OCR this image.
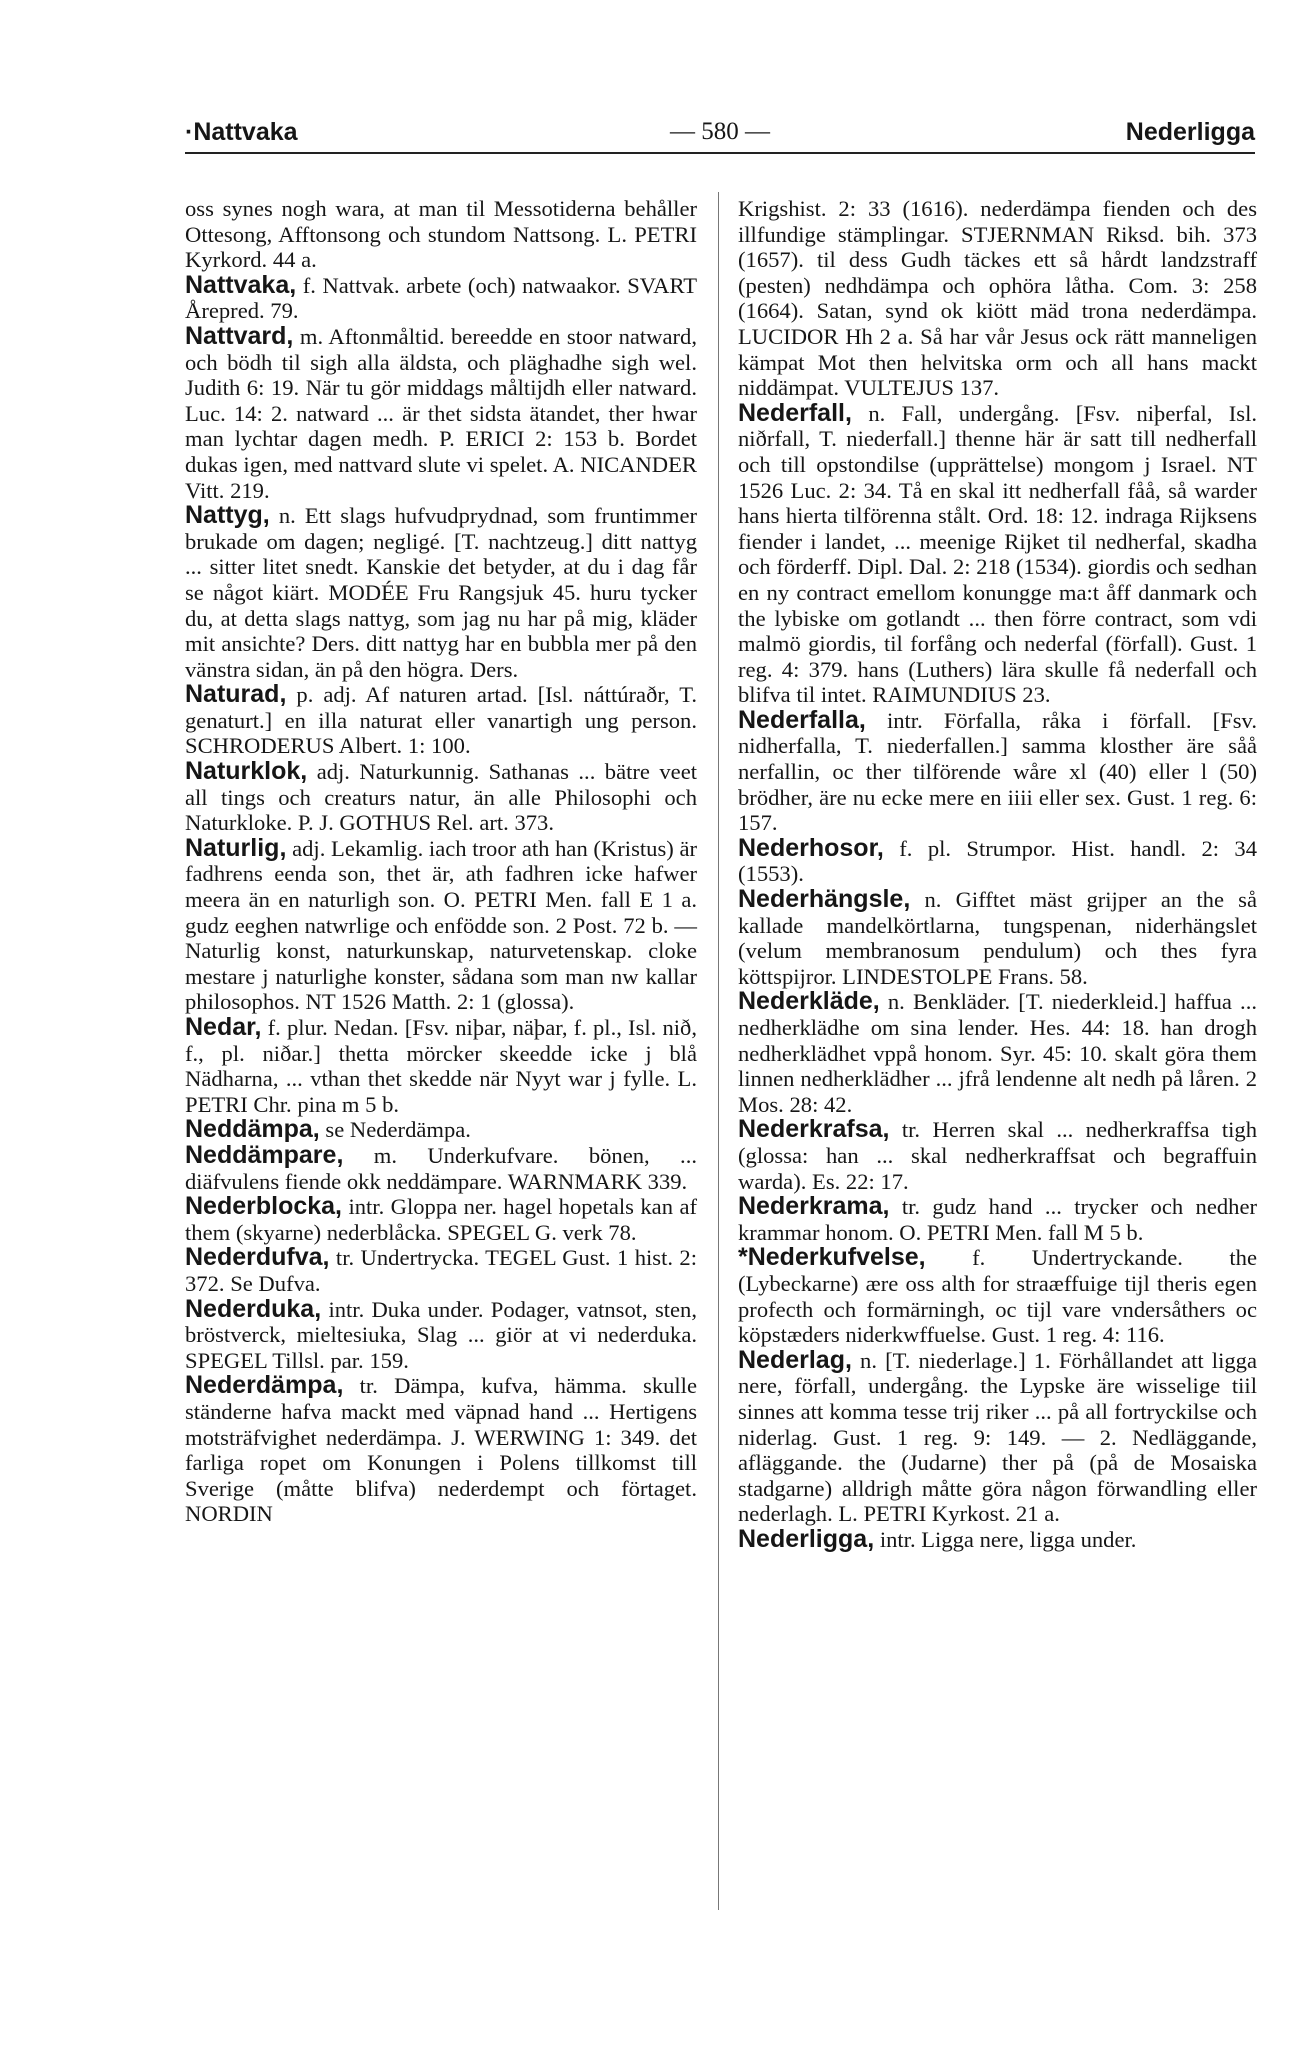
— 580 —
·Nattvaka	Nederligga

oss synes nogh wara, at man til Messotiderna behåller Ottesong, Afftonsong och stundom Nattsong. L. PETRI Kyrkord. 44 a.

Nattvaka, f. Nattvak. arbete (och) natwaakor. SVART Årepred. 79.

Nattvard, m. Aftonmåltid. bereedde en stoor natward, och bödh til sigh alla äldsta, och pläghadhe sigh wel. Judith 6: 19. När tu gör middags måltijdh eller natward. Luc. 14: 2. natward ... är thet sidsta ätandet, ther hwar man lychtar dagen medh. P. ERICI 2: 153 b. Bordet dukas igen, med nattvard slute vi spelet. A. NICANDER Vitt. 219.

Nattyg, n. Ett slags hufvudprydnad, som fruntimmer brukade om dagen; negligé. [T. nachtzeug.] ditt nattyg ... sitter litet snedt. Kanskie det betyder, at du i dag får se något kiärt. MODÉE Fru Rangsjuk 45. huru tycker du, at detta slags nattyg, som jag nu har på mig, kläder mit ansichte? Ders. ditt nattyg har en bubbla mer på den vänstra sidan, än på den högra. Ders.

Naturad, p. adj. Af naturen artad. [Isl. náttúraðr, T. genaturt.] en illa naturat eller vanartigh ung person. SCHRODERUS Albert. 1: 100.

Naturklok, adj. Naturkunnig. Sathanas ... bätre veet all tings och creaturs natur, än alle Philosophi och Naturkloke. P. J. GOTHUS Rel. art. 373.

Naturlig, adj. Lekamlig. iach troor ath han (Kristus) är fadhrens eenda son, thet är, ath fadhren icke hafwer meera än en naturligh son. O. PETRI Men. fall E 1 a. gudz eeghen natwrlige och enfödde son. 2 Post. 72 b. — Naturlig konst, naturkunskap, naturvetenskap. cloke mestare j naturlighe konster, sådana som man nw kallar philosophos. NT 1526 Matth. 2: 1 (glossa).

Nedar, f. plur. Nedan. [Fsv. niþar, näþar, f. pl., Isl. nið, f., pl. niðar.] thetta mörcker skeedde icke j blå Nädharna, ... vthan thet skedde när Nyyt war j fylle. L. PETRI Chr. pina m 5 b.

Neddämpa, se Nederdämpa.

Neddämpare, m. Underkufvare. bönen, ... diäfvulens fiende okk neddämpare. WARNMARK 339.

Nederblocka, intr. Gloppa ner. hagel hopetals kan af them (skyarne) nederblåcka. SPEGEL G. verk 78.

Nederdufva, tr. Undertrycka. TEGEL Gust. 1 hist. 2: 372. Se Dufva.

Nederduka, intr. Duka under. Podager, vatnsot, sten, bröstverck, mieltesiuka, Slag ... giör at vi nederduka. SPEGEL Tillsl. par. 159.

Nederdämpa, tr. Dämpa, kufva, hämma. skulle ständerne hafva mackt med väpnad hand ... Hertigens motsträfvighet nederdämpa. J. WERWING 1: 349. det farliga ropet om Konungen i Polens tillkomst till Sverige (måtte blifva) nederdempt och förtaget. NORDIN

Krigshist. 2: 33 (1616). nederdämpa fienden och des illfundige stämplingar. STJERNMAN Riksd. bih. 373 (1657). til dess Gudh täckes ett så hårdt landzstraff (pesten) nedhdämpa och ophöra låtha. Com. 3: 258 (1664). Satan, synd ok kiött mäd trona nederdämpa. LUCIDOR Hh 2 a. Så har vår Jesus ock rätt manneligen kämpat Mot then helvitska orm och all hans mackt niddämpat. VULTEJUS 137.

Nederfall, n. Fall, undergång. [Fsv. niþerfal, Isl. niðrfall, T. niederfall.] thenne här är satt till nedherfall och till opstondilse (upprättelse) mongom j Israel. NT 1526 Luc. 2: 34. Tå en skal itt nedherfall fåå, så warder hans hierta tilförenna stålt. Ord. 18: 12. indraga Rijksens fiender i landet, ... meenige Rijket til nedherfal, skadha och förderff. Dipl. Dal. 2: 218 (1534). giordis och sedhan en ny contract emellom konungge ma:t åff danmark och the lybiske om gotlandt ... then förre contract, som vdi malmö giordis, til forfång och nederfal (förfall). Gust. 1 reg. 4: 379. hans (Luthers) lära skulle få nederfall och blifva til intet. RAIMUNDIUS 23.

Nederfalla, intr. Förfalla, råka i förfall. [Fsv. nidherfalla, T. niederfallen.] samma klosther äre såå nerfallin, oc ther tilförende wåre xl (40) eller l (50) brödher, äre nu ecke mere en iiii eller sex. Gust. 1 reg. 6: 157.

Nederhosor, f. pl. Strumpor. Hist. handl. 2: 34 (1553).

Nederhängsle, n. Gifftet mäst grijper an the så kallade mandelkörtlarna, tungspenan, niderhängslet (velum membranosum pendulum) och thes fyra köttspijror. LINDESTOLPE Frans. 58.

Nederkläde, n. Benkläder. [T. niederkleid.] haffua ... nedherklädhe om sina lender. Hes. 44: 18. han drogh nedherklädhet vppå honom. Syr. 45: 10. skalt göra them linnen nedherklädher ... jfrå lendenne alt nedh på låren. 2 Mos. 28: 42.

Nederkrafsa, tr. Herren skal ... nedherkraffsa tigh (glossa: han ... skal nedherkraffsat och begraffuin warda). Es. 22: 17.

Nederkrama, tr. gudz hand ... trycker och nedher krammar honom. O. PETRI Men. fall M 5 b.

*Nederkufvelse, f. Undertryckande. the (Lybeckarne) ære oss alth for straæffuige tijl theris egen profecth och formärningh, oc tijl vare vndersåthers oc köpstæders niderkwffuelse. Gust. 1 reg. 4: 116.

Nederlag, n. [T. niederlage.] 1. Förhållandet att ligga nere, förfall, undergång. the Lypske äre wisselige tiil sinnes att komma tesse trij riker ... på all fortryckilse och niderlag. Gust. 1 reg. 9: 149. — 2. Nedläggande, afläggande. the (Judarne) ther på (på de Mosaiska stadgarne) alldrigh måtte göra någon förwandling eller nederlagh. L. PETRI Kyrkost. 21 a.

Nederligga, intr. Ligga nere, ligga under.
